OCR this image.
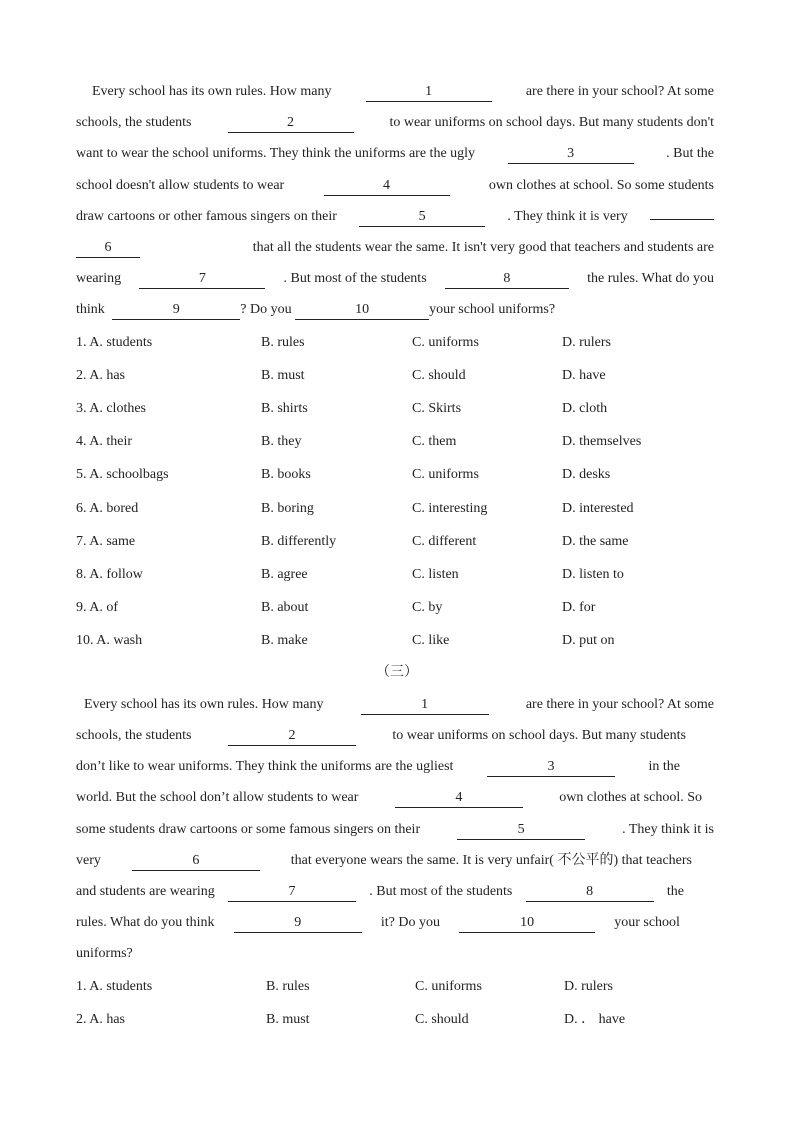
Every school has its own rules. How many	1	are there in your school? At some
schools, the students	2	to wear uniforms on school days. But many students don't
want to wear the school uniforms. They think the uniforms are the ugly	3	. But the
school doesn't allow students to wear	4	own clothes at school. So some students
draw cartoons or other famous singers on their	5	. They think it is very
6	that all the students wear the same. It isn't very good that teachers and students are
wearing	7	. But most of the students	8	the rules. What do you
think	9	? Do you	10	your school uniforms?
1. A. students	B. rules	C. uniforms	D. rulers
2. A. has	B. must	C. should	D. have
3. A. clothes	B. shirts	C. Skirts	D. cloth
4. A. their	B. they	C. them	D. themselves
5. A. schoolbags	B. books	C. uniforms	D. desks
6. A. bored	B. boring	C. interesting	D. interested
7. A. same	B. differently	C. different	D. the same
8. A. follow	B. agree	C. listen	D. listen to
9. A. of	B. about	C. by	D. for
10. A. wash	B. make	C. like	D. put on
（三）
Every school has its own rules. How many	1	are there in your school? At some
schools, the students	2	to wear uniforms on school days. But many students
don’t like to wear uniforms. They think the uniforms are the ugliest	3	in the
world. But the school don’t allow students to wear	4	own clothes at school. So
some students draw cartoons or some famous singers on their	5	. They think it is
very	6	that everyone wears the same. It is very unfair( 不公平的) that teachers
and students are wearing	7	. But most of the students	8	the
rules. What do you think	9	it? Do you	10	your school
uniforms?
1. A. students	B. rules	C. uniforms	D. rulers
2. A. has	B. must	C. should	D. ． have
